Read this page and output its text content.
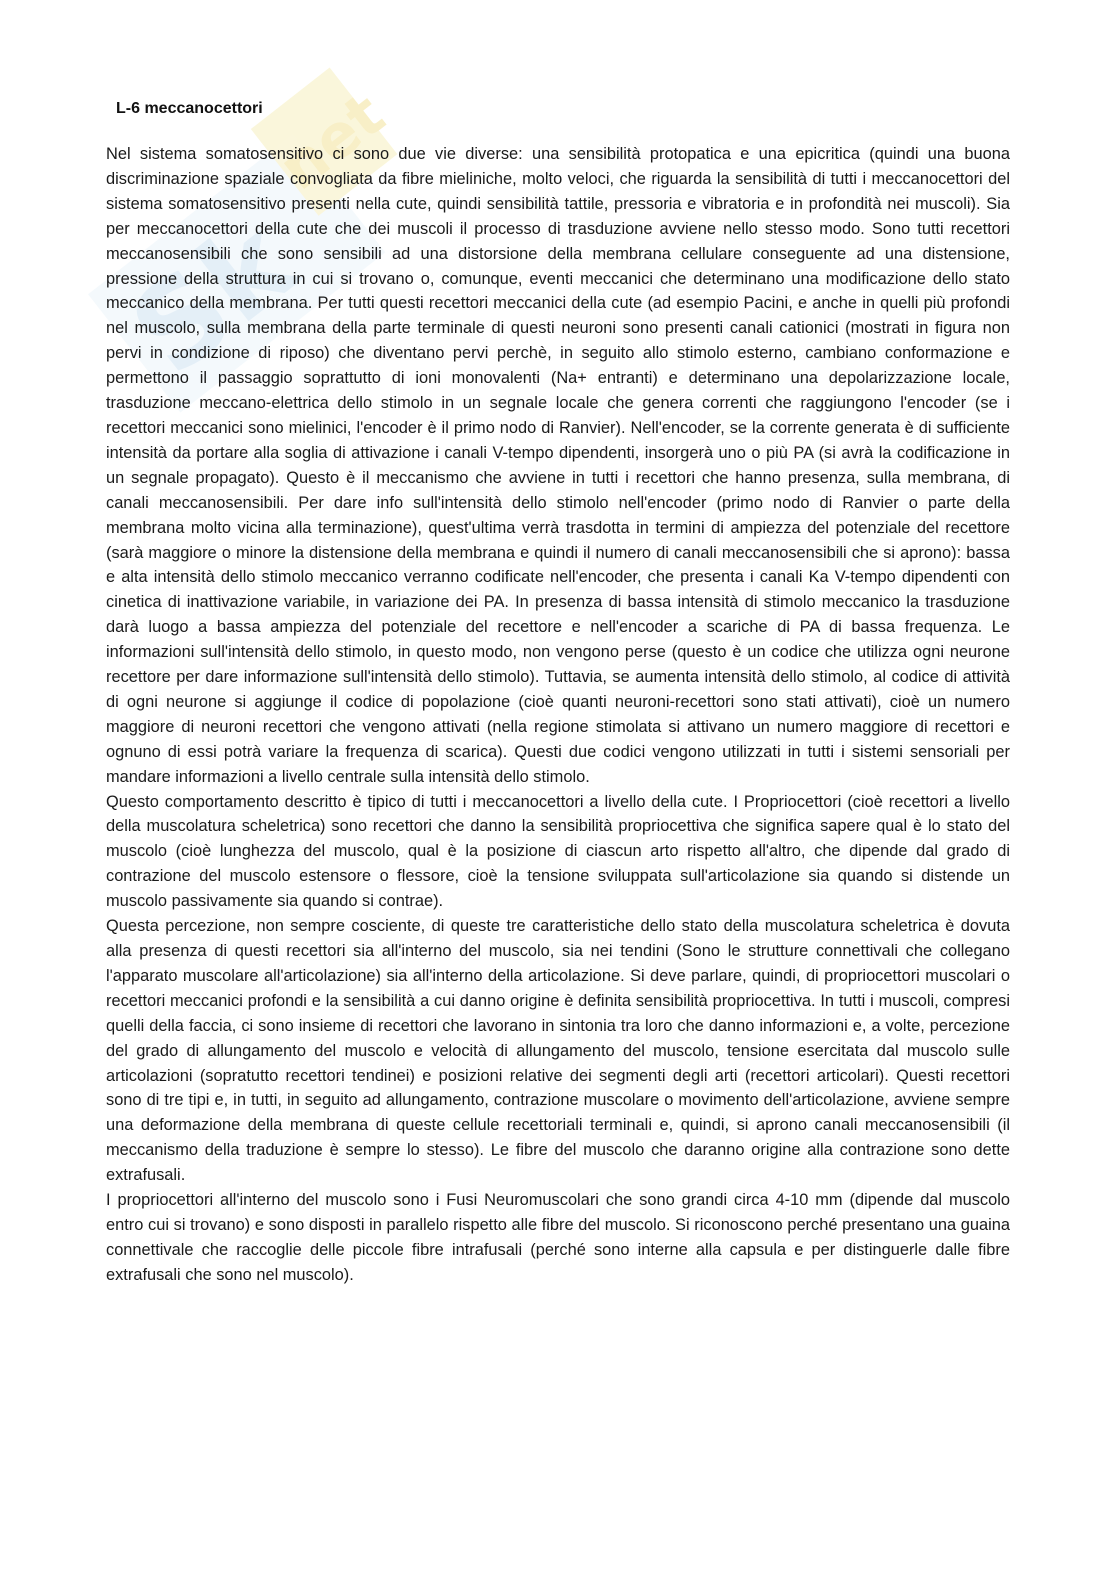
Sk
net
L-6 meccanocettori

Nel sistema somatosensitivo ci sono due vie diverse: una sensibilità protopatica e una epicritica (quindi una buona discriminazione spaziale convogliata da fibre mieliniche, molto veloci, che riguarda la sensibilità di tutti i meccanocettori del sistema somatosensitivo presenti nella cute, quindi sensibilità tattile, pressoria e vibratoria e in profondità nei muscoli). Sia per meccanocettori della cute che dei muscoli il processo di trasduzione avviene nello stesso modo. Sono tutti recettori meccanosensibili che sono sensibili ad una distorsione della membrana cellulare conseguente ad una distensione, pressione della struttura in cui si trovano o, comunque, eventi meccanici che determinano una modificazione dello stato meccanico della membrana. Per tutti questi recettori meccanici della cute (ad esempio Pacini, e anche in quelli più profondi nel muscolo, sulla membrana della parte terminale di questi neuroni sono presenti canali cationici (mostrati in figura non pervi in condizione di riposo) che diventano pervi perchè, in seguito allo stimolo esterno, cambiano conformazione e permettono il passaggio soprattutto di ioni monovalenti (Na+ entranti) e determinano una depolarizzazione locale, trasduzione meccano-elettrica dello stimolo in un segnale locale che genera correnti che raggiungono l'encoder (se i recettori meccanici sono mielinici, l'encoder è il primo nodo di Ranvier). Nell'encoder, se la corrente generata è di sufficiente intensità da portare alla soglia di attivazione i canali V-tempo dipendenti, insorgerà uno o più PA (si avrà la codificazione in un segnale propagato). Questo è il meccanismo che avviene in tutti i recettori che hanno presenza, sulla membrana, di canali meccanosensibili. Per dare info sull'intensità dello stimolo nell'encoder (primo nodo di Ranvier o parte della membrana molto vicina alla terminazione), quest'ultima verrà trasdotta in termini di ampiezza del potenziale del recettore (sarà maggiore o minore la distensione della membrana e quindi il numero di canali meccanosensibili che si aprono): bassa e alta intensità dello stimolo meccanico verranno codificate nell'encoder, che presenta i canali Ka V-tempo dipendenti con cinetica di inattivazione variabile, in variazione dei PA. In presenza di bassa intensità di stimolo meccanico la trasduzione darà luogo a bassa ampiezza del potenziale del recettore e nell'encoder a scariche di PA di bassa frequenza. Le informazioni sull'intensità dello stimolo, in questo modo, non vengono perse (questo è un codice che utilizza ogni neurone recettore per dare informazione sull'intensità dello stimolo). Tuttavia, se aumenta intensità dello stimolo, al codice di attività di ogni neurone si aggiunge il codice di popolazione (cioè quanti neuroni-recettori sono stati attivati), cioè un numero maggiore di neuroni recettori che vengono attivati (nella regione stimolata si attivano un numero maggiore di recettori e ognuno di essi potrà variare la frequenza di scarica). Questi due codici vengono utilizzati in tutti i sistemi sensoriali per mandare informazioni a livello centrale sulla intensità dello stimolo.

Questo comportamento descritto è tipico di tutti i meccanocettori a livello della cute. I Propriocettori (cioè recettori a livello della muscolatura scheletrica) sono recettori che danno la sensibilità propriocettiva che significa sapere qual è lo stato del muscolo (cioè lunghezza del muscolo, qual è la posizione di ciascun arto rispetto all'altro, che dipende dal grado di contrazione del muscolo estensore o flessore, cioè la tensione sviluppata sull'articolazione sia quando si distende un muscolo passivamente sia quando si contrae).

Questa percezione, non sempre cosciente, di queste tre caratteristiche dello stato della muscolatura scheletrica è dovuta alla presenza di questi recettori sia all'interno del muscolo, sia nei tendini (Sono le strutture connettivali che collegano l'apparato muscolare all'articolazione) sia all'interno della articolazione. Si deve parlare, quindi, di propriocettori muscolari o recettori meccanici profondi e la sensibilità a cui danno origine è definita sensibilità propriocettiva. In tutti i muscoli, compresi quelli della faccia, ci sono insieme di recettori che lavorano in sintonia tra loro che danno informazioni e, a volte, percezione del grado di allungamento del muscolo e velocità di allungamento del muscolo, tensione esercitata dal muscolo sulle articolazioni (sopratutto recettori tendinei) e posizioni relative dei segmenti degli arti (recettori articolari). Questi recettori sono di tre tipi e, in tutti, in seguito ad allungamento, contrazione muscolare o movimento dell'articolazione, avviene sempre una deformazione della membrana di queste cellule recettoriali terminali e, quindi, si aprono canali meccanosensibili (il meccanismo della traduzione è sempre lo stesso). Le fibre del muscolo che daranno origine alla contrazione sono dette extrafusali.

I propriocettori all'interno del muscolo sono i Fusi Neuromuscolari che sono grandi circa 4-10 mm (dipende dal muscolo entro cui si trovano) e sono disposti in parallelo rispetto alle fibre del muscolo. Si riconoscono perché presentano una guaina connettivale che raccoglie delle piccole fibre intrafusali (perché sono interne alla capsula e per distinguerle dalle fibre extrafusali che sono nel muscolo).
